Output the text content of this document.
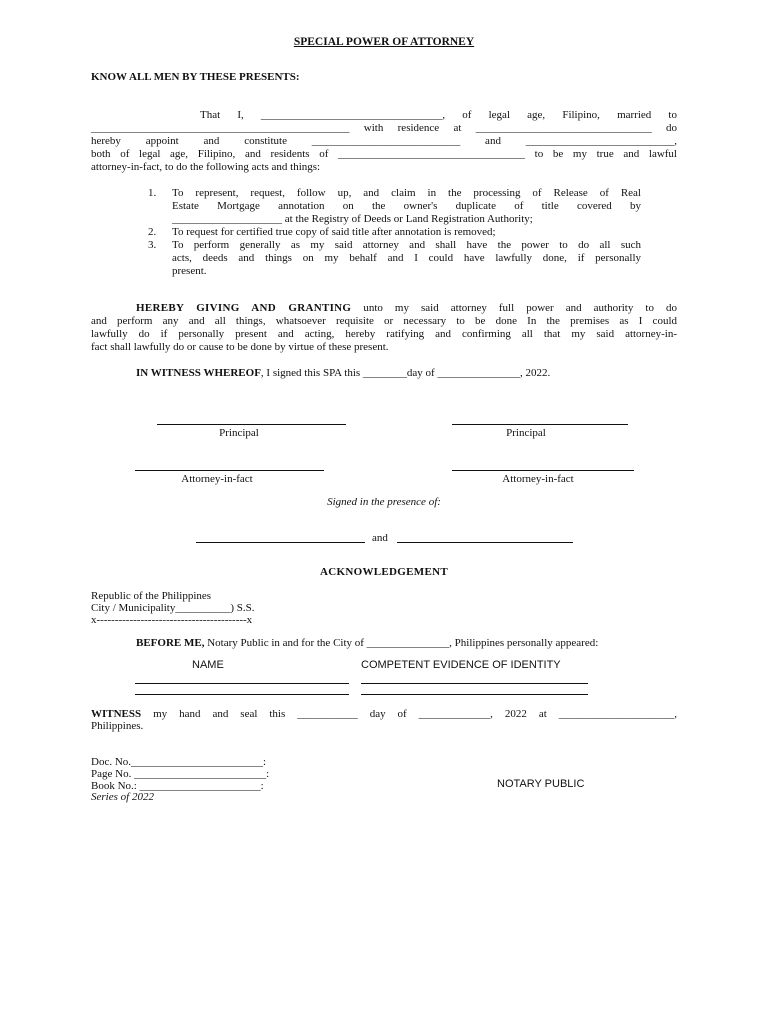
SPECIAL POWER OF ATTORNEY
KNOW ALL MEN BY THESE PRESENTS:
That I, _________________________________, of legal age, Filipino, married to
_______________________________________________ with residence at ________________________________ do
hereby appoint and constitute ___________________________ and ___________________________,
both of legal age, Filipino, and residents of __________________________________ to be my true and lawful
attorney-in-fact, to do the following acts and things:
1. To represent, request, follow up, and claim in the processing of Release of Real
Estate Mortgage annotation on the owner's duplicate of title covered by
____________________ at the Registry of Deeds or Land Registration Authority;
2. To request for certified true copy of said title after annotation is removed;
3. To perform generally as my said attorney and shall have the power to do all such
acts, deeds and things on my behalf and I could have lawfully done, if personally
present.
HEREBY GIVING AND GRANTING unto my said attorney full power and authority to do
and perform any and all things, whatsoever requisite or necessary to be done In the premises as I could
lawfully do if personally present and acting, hereby ratifying and confirming all that my said attorney-in-
fact shall lawfully do or cause to be done by virtue of these present.
IN WITNESS WHEREOF, I signed this SPA this ________day of _______________, 2022.
Principal	Principal
Attorney-in-fact	Attorney-in-fact
Signed in the presence of:
and
ACKNOWLEDGEMENT
Republic of the Philippines
City / Municipality__________) S.S.
x-----------------------------------------x
BEFORE ME, Notary Public in and for the City of _______________, Philippines personally appeared:
NAME	COMPETENT EVIDENCE OF IDENTITY
WITNESS my hand and seal this ___________ day of _____________, 2022 at _____________________,
Philippines.
Doc. No.________________________:
Page No. ________________________:
Book No.: ______________________:
Series of 2022
NOTARY PUBLIC
